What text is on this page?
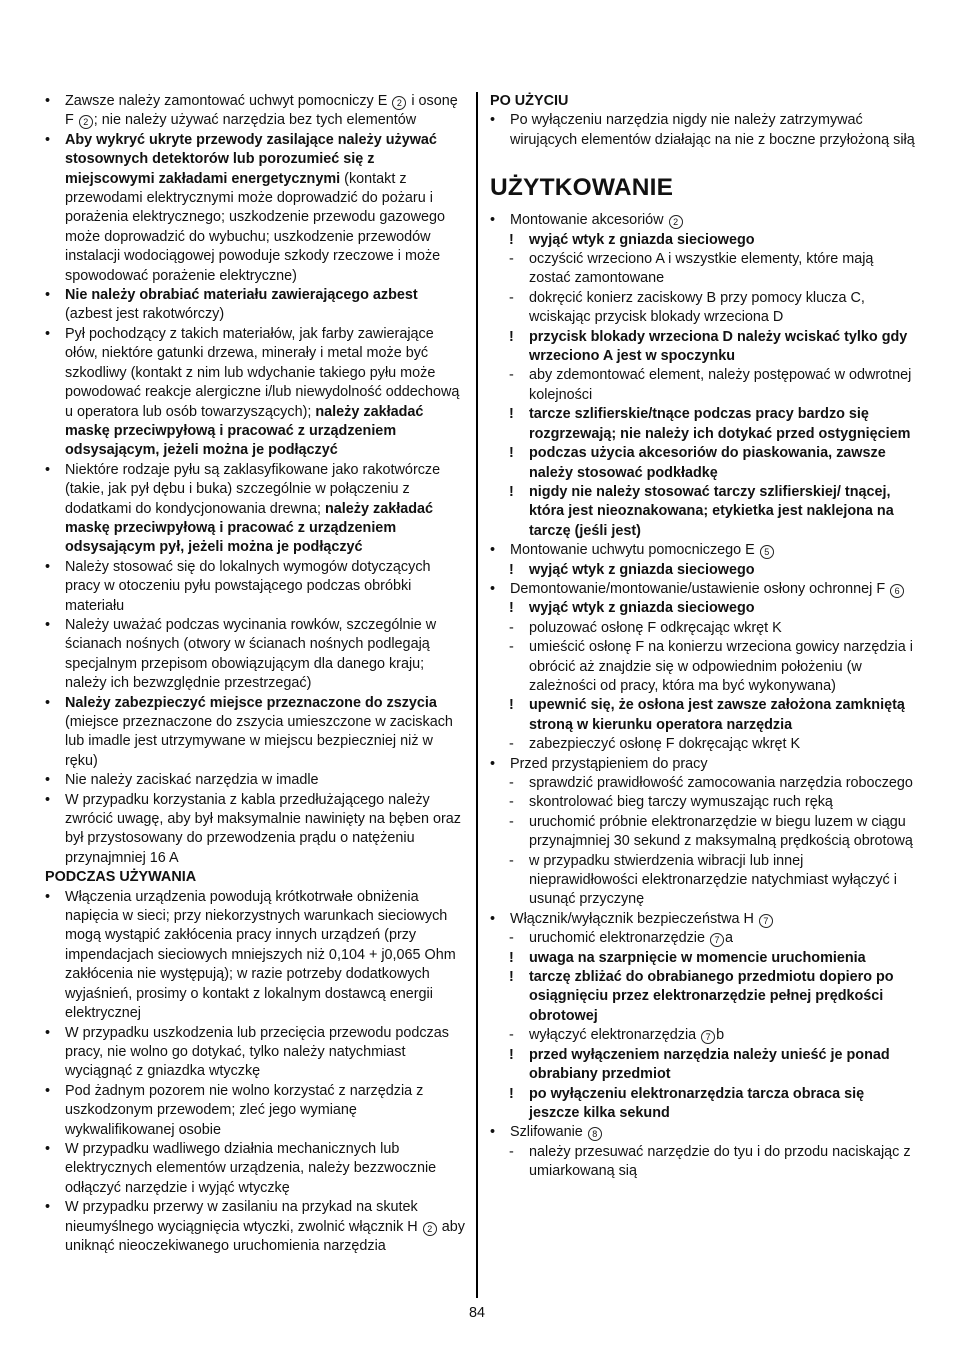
• Zawsze należy zamontować uchwyt pomocniczy E 2 i osonę F 2 ; nie należy używać narzędzia bez tych elementów
• Aby wykryć ukryte przewody zasilające należy używać stosownych detektorów lub porozumieć się z miejscowymi zakładami energetycznymi (kontakt z przewodami elektrycznymi może doprowadzić do pożaru i porażenia elektrycznego; uszkodzenie przewodu gazowego może doprowadzić do wybuchu; uszkodzenie przewodów instalacji wodociągowej powoduje szkody rzeczowe i może spowodować porażenie elektryczne)
• Nie należy obrabiać materiału zawierającego azbest (azbest jest rakotwórczy)
• Pył pochodzący z takich materiałów, jak farby zawierające ołów, niektóre gatunki drzewa, minerały i metal może być szkodliwy (kontakt z nim lub wdychanie takiego pyłu może powodować reakcje alergiczne i/lub niewydolność oddechową u operatora lub osób towarzyszących); należy zakładać maskę przeciwpyłową i pracować z urządzeniem odsysającym, jeżeli można je podłączyć
• Niektóre rodzaje pyłu są zaklasyfikowane jako rakotwórcze (takie, jak pył dębu i buka) szczególnie w połączeniu z dodatkami do kondycjonowania drewna; należy zakładać maskę przeciwpyłową i pracować z urządzeniem odsysającym pył, jeżeli można je podłączyć
• Należy stosować się do lokalnych wymogów dotyczących pracy w otoczeniu pyłu powstającego podczas obróbki materiału
• Należy uważać podczas wycinania rowków, szczególnie w ścianach nośnych (otwory w ścianach nośnych podlegają specjalnym przepisom obowiązującym dla danego kraju; należy ich bezwzględnie przestrzegać)
• Należy zabezpieczyć miejsce przeznaczone do zszycia (miejsce przeznaczone do zszycia umieszczone w zaciskach lub imadle jest utrzymywane w miejscu bezpieczniej niż w ręku)
• Nie należy zaciskać narzędzia w imadle
• W przypadku korzystania z kabla przedłużającego należy zwrócić uwagę, aby był maksymalnie nawinięty na bęben oraz był przystosowany do przewodzenia prądu o natężeniu przynajmniej 16 A
PODCZAS UŻYWANIA
• Włączenia urządzenia powodują krótkotrwałe obniżenia napięcia w sieci; przy niekorzystnych warunkach sieciowych mogą wystąpić zakłócenia pracy innych urządzeń (przy impendacjach sieciowych mniejszych niż 0,104 + j0,065 Ohm zakłócenia nie występują); w razie potrzeby dodatkowych wyjaśnień, prosimy o kontakt z lokalnym dostawcą energii elektrycznej
• W przypadku uszkodzenia lub przecięcia przewodu podczas pracy, nie wolno go dotykać, tylko należy natychmiast wyciągnąć z gniazdka wtyczkę
• Pod żadnym pozorem nie wolno korzystać z narzędzia z uszkodzonym przewodem; zleć jego wymianę wykwalifikowanej osobie
• W przypadku wadliwego działnia mechanicznych lub elektrycznych elementów urządzenia, należy bezzwocznie odłączyć narzędzie i wyjąć wtyczkę
• W przypadku przerwy w zasilaniu na przykad na skutek nieumyślnego wyciągnięcia wtyczki, zwolnić włącznik H 2 aby uniknąć nieoczekiwanego uruchomienia narzędzia
PO UŻYCIU
• Po wyłączeniu narzędzia nigdy nie należy zatrzymywać wirujących elementów działając na nie z boczne przyłożoną siłą
UŻYTKOWANIE
• Montowanie akcesoriów 2
! wyjąć wtyk z gniazda sieciowego
- oczyścić wrzeciono A i wszystkie elementy, które mają zostać zamontowane
- dokręcić konierz zaciskowy B przy pomocy klucza C, wciskając przycisk blokady wrzeciona D
! przycisk blokady wrzeciona D należy wciskać tylko gdy wrzeciono A jest w spoczynku
- aby zdemontować element, należy postępować w odwrotnej kolejności
! tarcze szlifierskie/tnące podczas pracy bardzo się rozgrzewają; nie należy ich dotykać przed ostygnięciem
! podczas użycia akcesoriów do piaskowania, zawsze należy stosować podkładkę
! nigdy nie należy stosować tarczy szlifierskiej/ tnącej, która jest nieoznakowana; etykietka jest naklejona na tarczę (jeśli jest)
• Montowanie uchwytu pomocniczego E 5
! wyjąć wtyk z gniazda sieciowego
• Demontowanie/montowanie/ustawienie osłony ochronnej F 6
! wyjąć wtyk z gniazda sieciowego
- poluzować osłonę F odkręcając wkręt K
- umieścić osłonę F na konierzu wrzeciona gowicy narzędzia i obrócić aż znajdzie się w odpowiednim położeniu (w zależności od pracy, która ma być wykonywana)
! upewnić się, że osłona jest zawsze założona zamkniętą stroną w kierunku operatora narzędzia
- zabezpieczyć osłonę F dokręcając wkręt K
• Przed przystąpieniem do pracy
- sprawdzić prawidłowość zamocowania narzędzia roboczego
- skontrolować bieg tarczy wymuszając ruch ręką
- uruchomić próbnie elektronarzędzie w biegu luzem w ciągu przynajmniej 30 sekund z maksymalną prędkością obrotową
- w przypadku stwierdzenia wibracji lub innej nieprawidłowości elektronarzędzie natychmiast wyłączyć i usunąć przyczynę
• Włącznik/wyłącznik bezpieczeństwa H 7
- uruchomić elektronarzędzie 7 a
! uwaga na szarpnięcie w momencie uruchomienia
! tarczę zbliżać do obrabianego przedmiotu dopiero po osiągnięciu przez elektronarzędzie pełnej prędkości obrotowej
- wyłączyć elektronarzędzia 7 b
! przed wyłączeniem narzędzia należy unieść je ponad obrabiany przedmiot
! po wyłączeniu elektronarzędzia tarcza obraca się jeszcze kilka sekund
• Szlifowanie 8
- należy przesuwać narzędzie do tyu i do przodu naciskając z umiarkowaną sią
84
